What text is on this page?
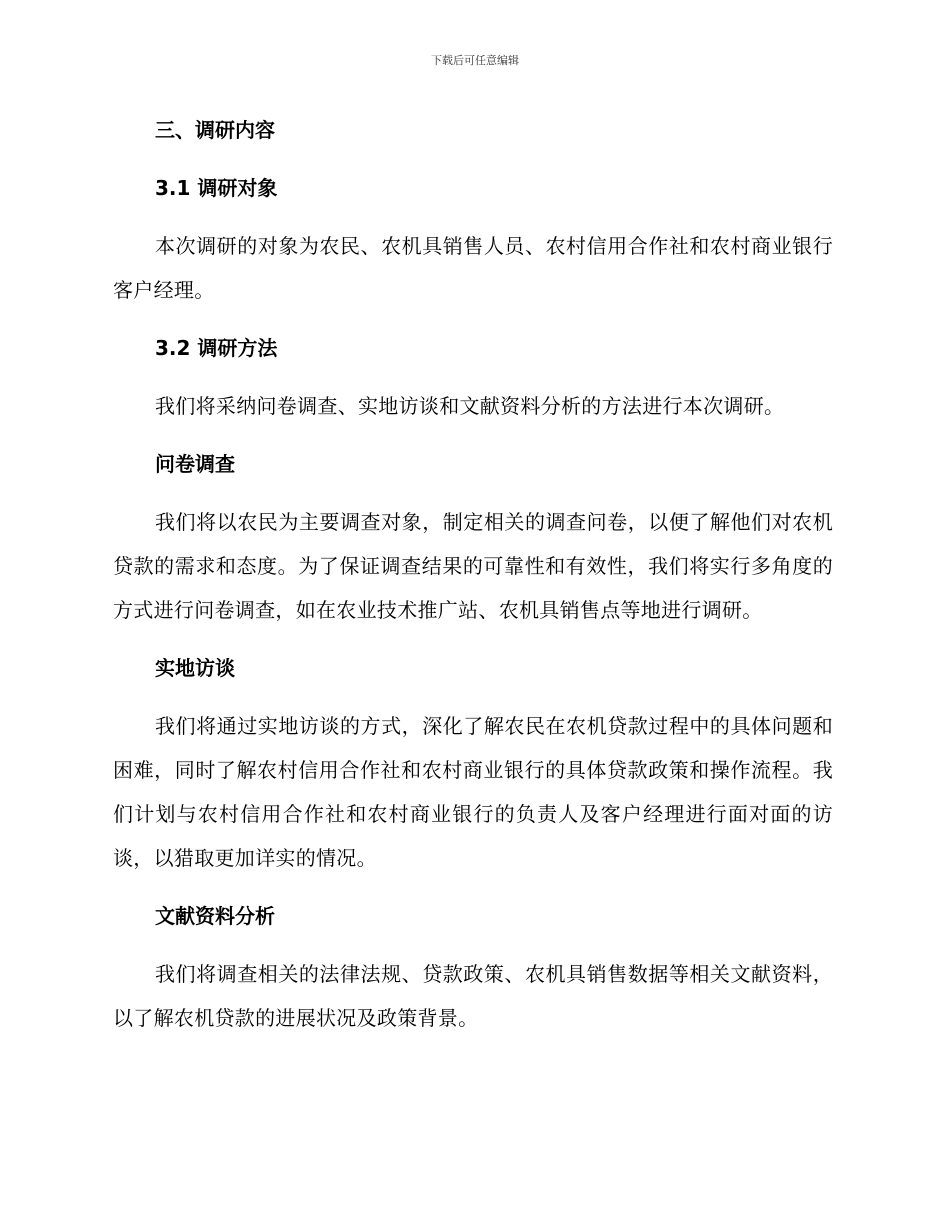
下载后可任意编辑
三、调研内容
3.1 调研对象

本次调研的对象为农民、农机具销售人员、农村信用合作社和农村商业银行客户经理。

3.2 调研方法

我们将采纳问卷调查、实地访谈和文献资料分析的方法进行本次调研。

问卷调查

我们将以农民为主要调查对象，制定相关的调查问卷，以便了解他们对农机贷款的需求和态度。为了保证调查结果的可靠性和有效性，我们将实行多角度的方式进行问卷调查，如在农业技术推广站、农机具销售点等地进行调研。

实地访谈

我们将通过实地访谈的方式，深化了解农民在农机贷款过程中的具体问题和困难，同时了解农村信用合作社和农村商业银行的具体贷款政策和操作流程。我们计划与农村信用合作社和农村商业银行的负责人及客户经理进行面对面的访谈，以猎取更加详实的情况。

文献资料分析

我们将调查相关的法律法规、贷款政策、农机具销售数据等相关文献资料，以了解农机贷款的进展状况及政策背景。
